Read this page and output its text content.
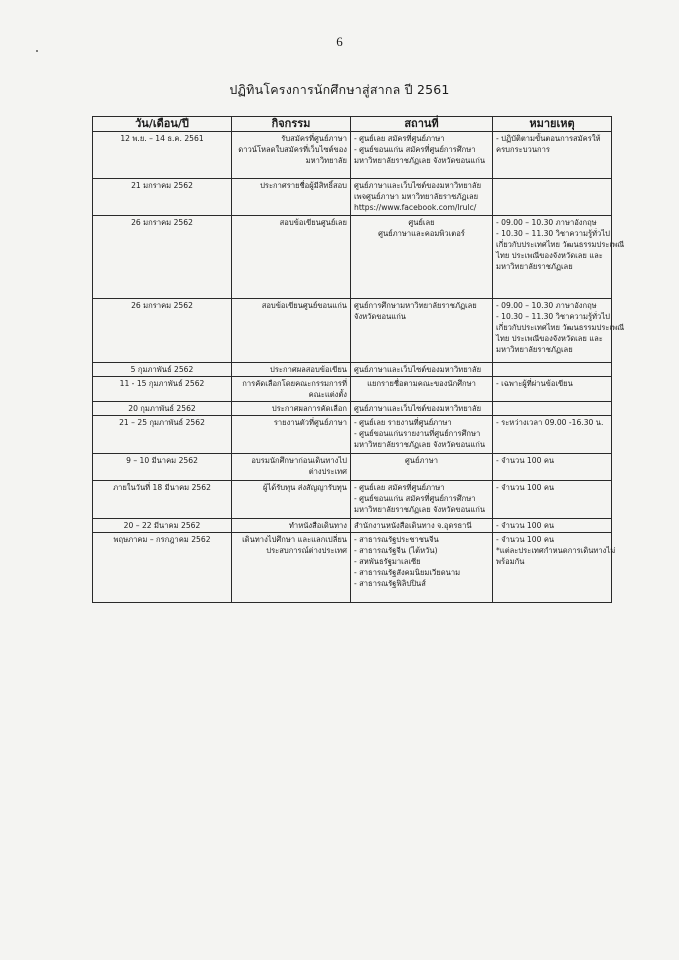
6
ปฏิทินโครงการนักศึกษาสู่สากล ปี 2561
วัน/เดือน/ปี	กิจกรรม	สถานที่	หมายเหตุ
12 พ.ย. – 14 ธ.ค. 2561	รับสมัครที่ศูนย์ภาษา
ดาวน์โหลดใบสมัครที่เว็บไซต์ของ
มหาวิทยาลัย	- ศูนย์เลย สมัครที่ศูนย์ภาษา
- ศูนย์ขอนแก่น สมัครที่ศูนย์การศึกษา
มหาวิทยาลัยราชภัฏเลย จังหวัดขอนแก่น	- ปฏิบัติตามขั้นตอนการสมัครให้
ครบกระบวนการ

21 มกราคม 2562	ประกาศรายชื่อผู้มีสิทธิ์สอบ	ศูนย์ภาษาและเว็บไซต์ของมหาวิทยาลัย
เพจศูนย์ภาษา มหาวิทยาลัยราชภัฏเลย
https://www.facebook.com/lrulc/	

26 มกราคม 2562	สอบข้อเขียนศูนย์เลย	ศูนย์เลย
ศูนย์ภาษาและคอมพิวเตอร์	- 09.00 – 10.30 ภาษาอังกฤษ
- 10.30 – 11.30 วิชาความรู้ทั่วไป
เกี่ยวกับประเทศไทย วัฒนธรรมประเพณี
ไทย ประเพณีของจังหวัดเลย และ
มหาวิทยาลัยราชภัฏเลย

26 มกราคม 2562	สอบข้อเขียนศูนย์ขอนแก่น	ศูนย์การศึกษามหาวิทยาลัยราชภัฏเลย
จังหวัดขอนแก่น	- 09.00 – 10.30 ภาษาอังกฤษ
- 10.30 – 11.30 วิชาความรู้ทั่วไป
เกี่ยวกับประเทศไทย วัฒนธรรมประเพณี
ไทย ประเพณีของจังหวัดเลย และ
มหาวิทยาลัยราชภัฏเลย

5 กุมภาพันธ์ 2562	ประกาศผลสอบข้อเขียน	ศูนย์ภาษาและเว็บไซต์ของมหาวิทยาลัย	

11 - 15 กุมภาพันธ์ 2562	การคัดเลือกโดยคณะกรรมการที่
คณะแต่งตั้ง	แยกรายชื่อตามคณะของนักศึกษา	- เฉพาะผู้ที่ผ่านข้อเขียน

20 กุมภาพันธ์ 2562	ประกาศผลการคัดเลือก	ศูนย์ภาษาและเว็บไซต์ของมหาวิทยาลัย	

21 – 25 กุมภาพันธ์ 2562	รายงานตัวที่ศูนย์ภาษา	- ศูนย์เลย รายงานที่ศูนย์ภาษา
- ศูนย์ขอนแก่นรายงานที่ศูนย์การศึกษา
มหาวิทยาลัยราชภัฏเลย จังหวัดขอนแก่น	- ระหว่างเวลา 09.00 -16.30 น.

9 – 10 มีนาคม 2562	อบรมนักศึกษาก่อนเดินทางไป
ต่างประเทศ	ศูนย์ภาษา	- จำนวน 100 คน

ภายในวันที่ 18 มีนาคม 2562	ผู้ได้รับทุน ส่งสัญญารับทุน	- ศูนย์เลย สมัครที่ศูนย์ภาษา
- ศูนย์ขอนแก่น สมัครที่ศูนย์การศึกษา
มหาวิทยาลัยราชภัฏเลย จังหวัดขอนแก่น	- จำนวน 100 คน

20 – 22 มีนาคม 2562	ทำหนังสือเดินทาง	สำนักงานหนังสือเดินทาง จ.อุดรธานี	- จำนวน 100 คน

พฤษภาคม – กรกฎาคม 2562	เดินทางไปศึกษา และแลกเปลี่ยน
ประสบการณ์ต่างประเทศ	- สาธารณรัฐประชาชนจีน
- สาธารณรัฐจีน (ไต้หวัน)
- สหพันธรัฐมาเลเซีย
- สาธารณรัฐสังคมนิยมเวียดนาม
- สาธารณรัฐฟิลิปปินส์	- จำนวน 100 คน
*แต่ละประเทศกำหนดการเดินทางไม่
พร้อมกัน
